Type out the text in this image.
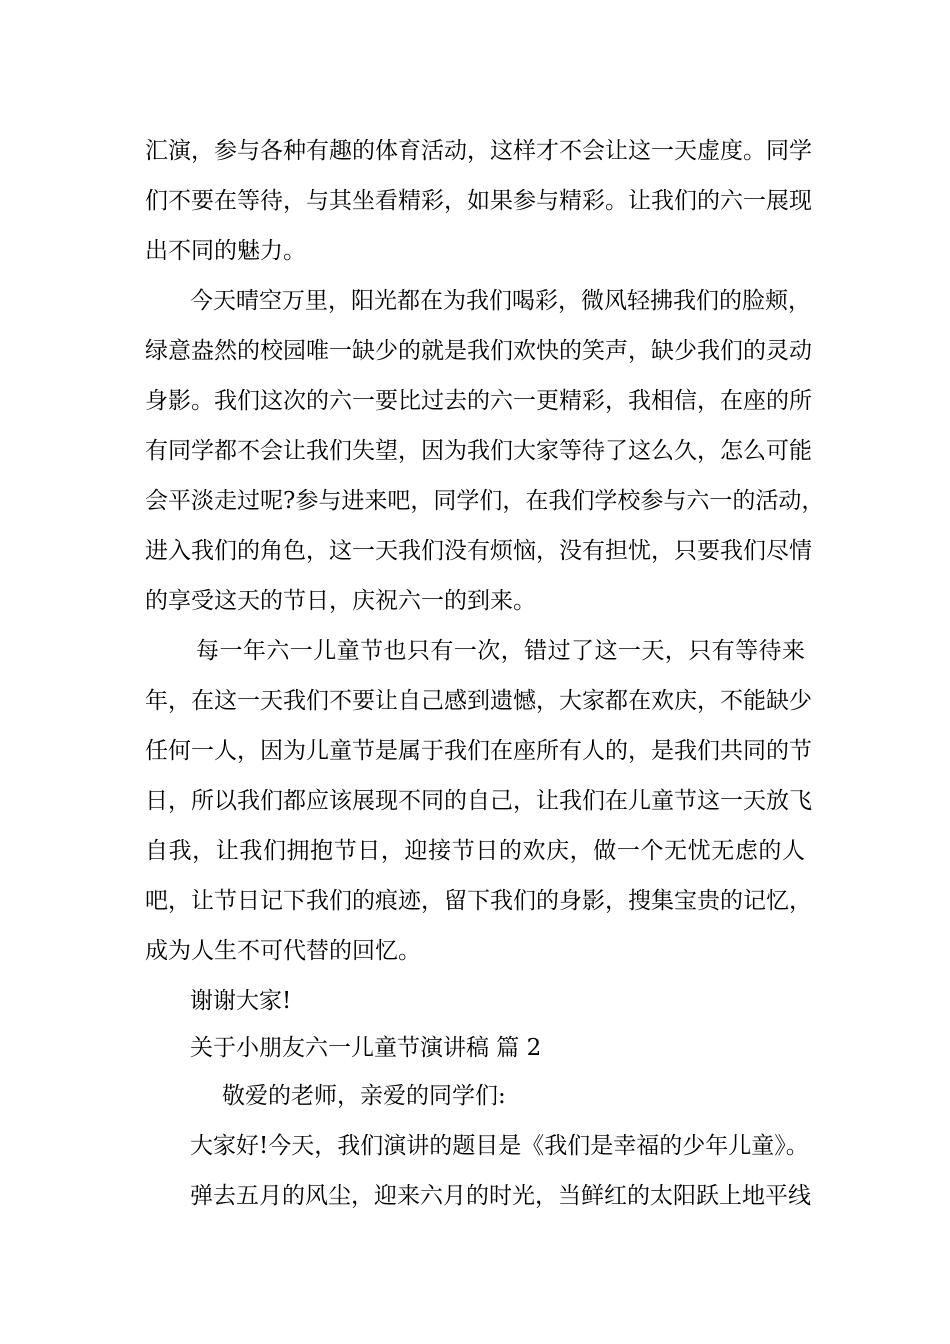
汇演，参与各种有趣的体育活动，这样才不会让这一天虚度。同学
们不要在等待，与其坐看精彩，如果参与精彩。让我们的六一展现
出不同的魅力。
今天晴空万里，阳光都在为我们喝彩，微风轻拂我们的脸颊，
绿意盎然的校园唯一缺少的就是我们欢快的笑声，缺少我们的灵动
身影。我们这次的六一要比过去的六一更精彩，我相信，在座的所
有同学都不会让我们失望，因为我们大家等待了这么久，怎么可能
会平淡走过呢?参与进来吧，同学们，在我们学校参与六一的活动，
进入我们的角色，这一天我们没有烦恼，没有担忧，只要我们尽情
的享受这天的节日，庆祝六一的到来。
每一年六一儿童节也只有一次，错过了这一天，只有等待来
年，在这一天我们不要让自己感到遗憾，大家都在欢庆，不能缺少
任何一人，因为儿童节是属于我们在座所有人的，是我们共同的节
日，所以我们都应该展现不同的自己，让我们在儿童节这一天放飞
自我，让我们拥抱节日，迎接节日的欢庆，做一个无忧无虑的人
吧，让节日记下我们的痕迹，留下我们的身影，搜集宝贵的记忆，
成为人生不可代替的回忆。
谢谢大家!
关于小朋友六一儿童节演讲稿 篇 2
敬爱的老师，亲爱的同学们:
大家好!今天，我们演讲的题目是《我们是幸福的少年儿童》。
弹去五月的风尘，迎来六月的时光，当鲜红的太阳跃上地平线
